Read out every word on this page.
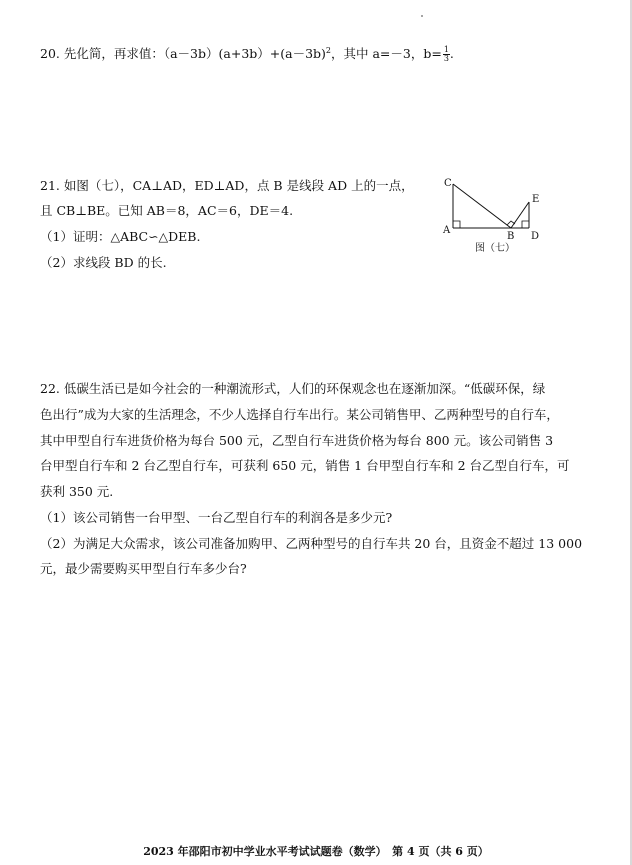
20. 先化简，再求值：$(a-3b)(a+3b)+(a-3b)^2$，其中 a=－3，$b= \frac{1}{3}$ .
21. 如图（七），CA⊥AD，ED⊥AD，点 B 是线段 AD 上的一点，
且 CB⊥BE。已知 AB＝8，AC＝6，DE＝4.
（1）证明：△ABC∽△DEB.
（2）求线段 BD 的长.
C
E
A
B D
图（七）
22. 低碳生活已是如今社会的一种潮流形式，人们的环保观念也在逐渐加深。“低碳环保，绿
色出行”成为大家的生活理念，不少人选择自行车出行。某公司销售甲、乙两种型号的自行车，
其中甲型自行车进货价格为每台 500 元，乙型自行车进货价格为每台 800 元。该公司销售 3
台甲型自行车和 2 台乙型自行车，可获利 650 元，销售 1 台甲型自行车和 2 台乙型自行车，可
获利 350 元.
（1）该公司销售一台甲型、一台乙型自行车的利润各是多少元?
（2）为满足大众需求，该公司准备加购甲、乙两种型号的自行车共 20 台，且资金不超过 13 000
元，最少需要购买甲型自行车多少台?
2023 年邵阳市初中学业水平考试试题卷（数学）　第 4 页（共 6 页）
